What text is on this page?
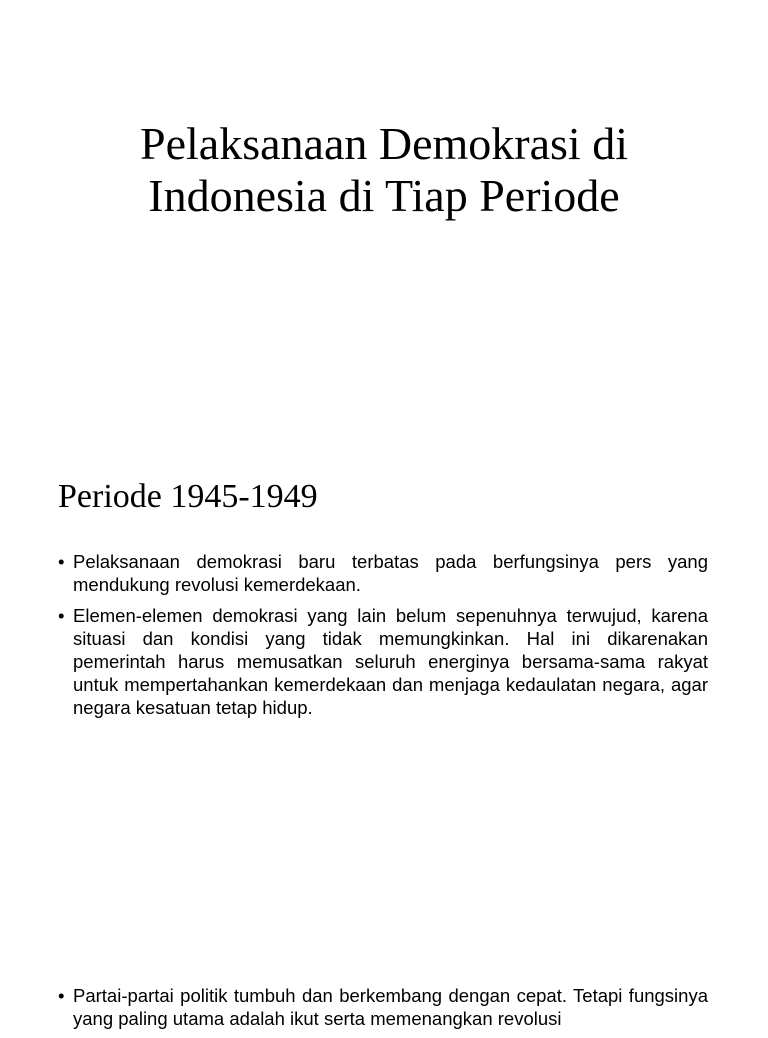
Pelaksanaan Demokrasi di
Indonesia di Tiap Periode
Periode 1945-1949
• Pelaksanaan demokrasi baru terbatas pada berfungsinya pers yang mendukung revolusi kemerdekaan.
• Elemen-elemen demokrasi yang lain belum sepenuhnya terwujud, karena situasi dan kondisi yang tidak memungkinkan. Hal ini dikarenakan pemerintah harus memusatkan seluruh energinya bersama-sama rakyat untuk mempertahankan kemerdekaan dan menjaga kedaulatan negara, agar negara kesatuan tetap hidup.
• Partai-partai politik tumbuh dan berkembang dengan cepat. Tetapi fungsinya yang paling utama adalah ikut serta memenangkan revolusi
